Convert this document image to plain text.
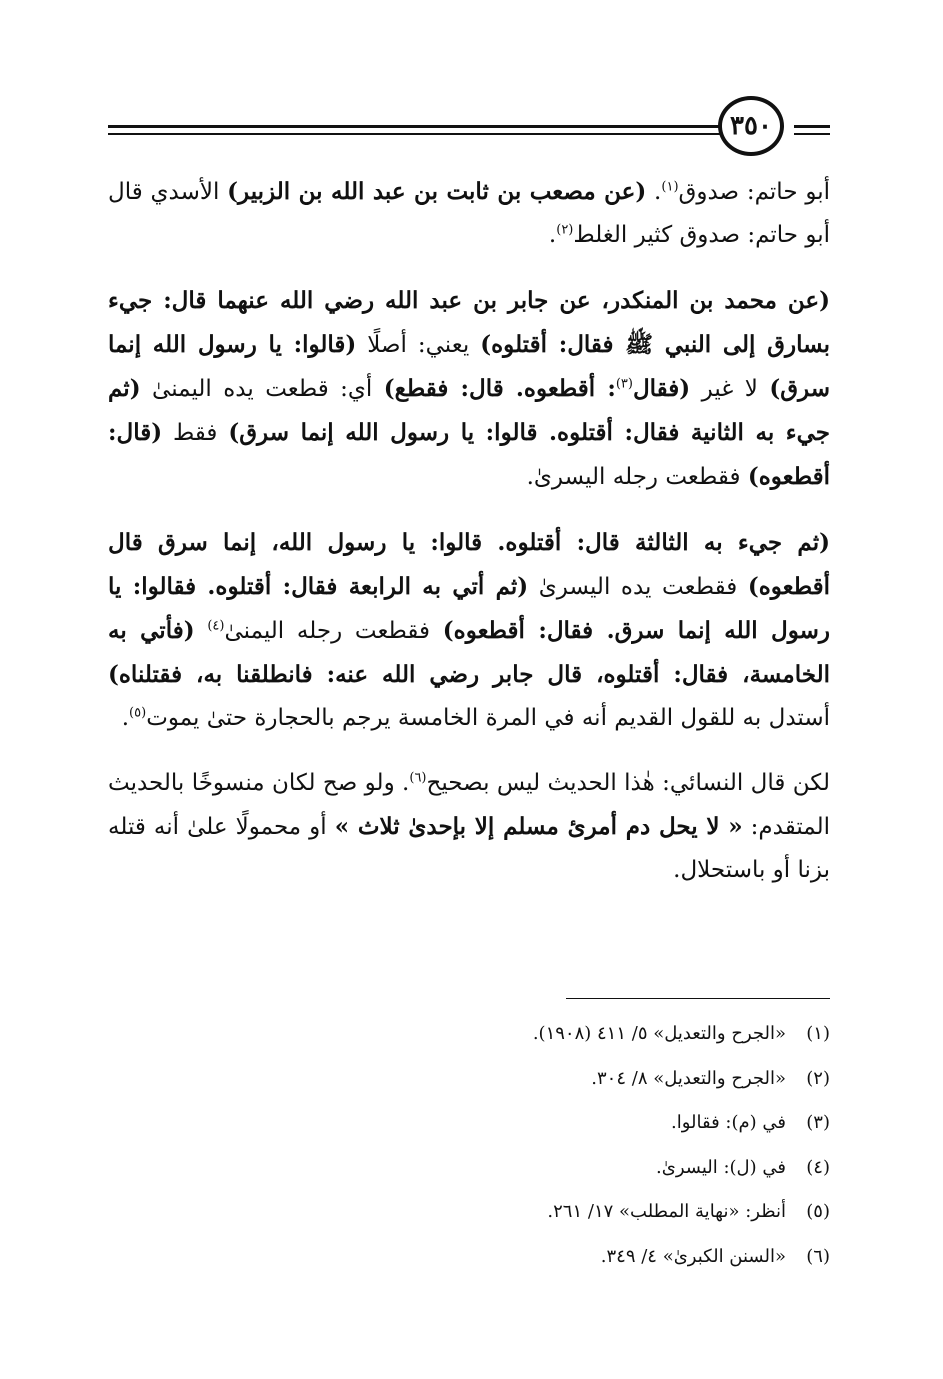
٣٥٠

أبو حاتم: صدوق$^{(١)}$. (عن مصعب بن ثابت بن عبد الله بن الزبير) الأسدي قال أبو حاتم: صدوق كثير الغلط$^{(٢)}$.

(عن محمد بن المنكدر، عن جابر بن عبد الله رضي الله عنهما قال: جيء بسارق إلى النبي ﷺ فقال: أقتلوه) يعني: أصلًا (قالوا: يا رسول الله إنما سرق) لا غير (فقال$^{(٣)}$: أقطعوه. قال: فقطع) أي: قطعت يده اليمنىٰ (ثم جيء به الثانية فقال: أقتلوه. قالوا: يا رسول الله إنما سرق) فقط (قال: أقطعوه) فقطعت رجله اليسرىٰ.

(ثم جيء به الثالثة قال: أقتلوه. قالوا: يا رسول الله، إنما سرق قال أقطعوه) فقطعت يده اليسرىٰ (ثم أتي به الرابعة فقال: أقتلوه. فقالوا: يا رسول الله إنما سرق. فقال: أقطعوه) فقطعت رجله اليمنىٰ$^{(٤)}$ (فأتي به الخامسة، فقال: أقتلوه، قال جابر رضي الله عنه: فانطلقنا به، فقتلناه) أستدل به للقول القديم أنه في المرة الخامسة يرجم بالحجارة حتىٰ يموت$^{(٥)}$.

لكن قال النسائي: هٰذا الحديث ليس بصحيح$^{(٦)}$. ولو صح لكان منسوخًا بالحديث المتقدم: « لا يحل دم أمرئ مسلم إلا بإحدىٰ ثلاث » أو محمولًا علىٰ أنه قتله بزنا أو باستحلال.

(١)
«الجرح والتعديل» ٥/ ٤١١ (١٩٠٨).
(٢)
«الجرح والتعديل» ٨/ ٣٠٤.
(٣)
في (م): فقالوا.
(٤)
في (ل): اليسرىٰ.
(٥)
أنظر: «نهاية المطلب» ١٧/ ٢٦١.
(٦)
«السنن الكبرىٰ» ٤/ ٣٤٩.
